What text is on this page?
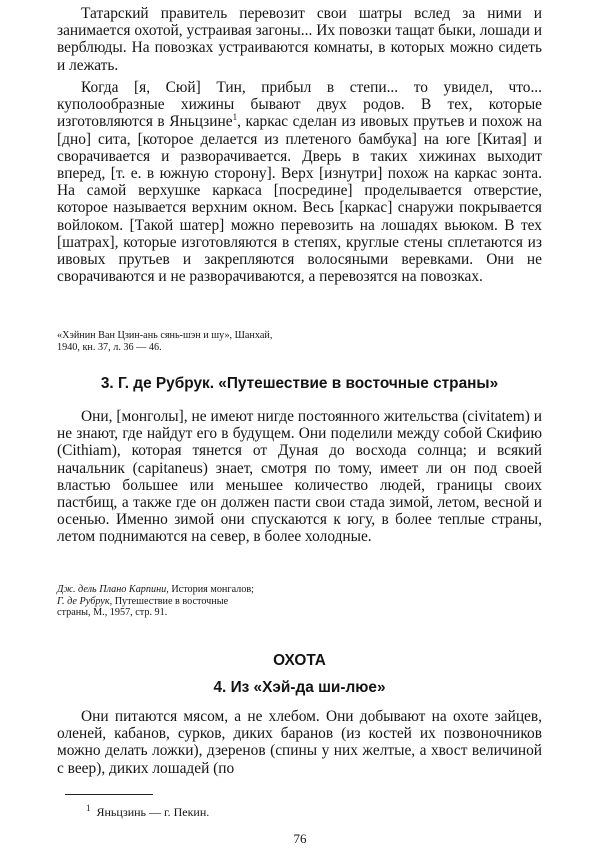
Татарский правитель перевозит свои шатры вслед за ними и занимается охотой, устраивая загоны... Их повозки тащат быки, лошади и верблюды. На повозках устраиваются комнаты, в которых можно сидеть и лежать.

Когда [я, Сюй] Тин, прибыл в степи... то увидел, что... куполообразные хижины бывают двух родов. В тех, которые изготовляются в Яньцзине$^1$, каркас сделан из ивовых прутьев и похож на [дно] сита, [которое делается из плетеного бамбука] на юге [Китая] и сворачивается и разворачивается. Дверь в таких хижинах выходит вперед, [т. е. в южную сторону]. Верх [изнутри] похож на каркас зонта. На самой верхушке каркаса [посредине] проделывается отверстие, которое называется верхним окном. Весь [каркас] снаружи покрывается войлоком. [Такой шатер] можно перевозить на лошадях вьюком. В тех [шатрах], которые изготовляются в степях, круглые стены сплетаются из ивовых прутьев и закрепляются волосяными веревками. Они не сворачиваются и не разворачиваются, а перевозятся на повозках.

«Хэйнин Ван Цзин-ань сянь-шэн и шу», Шанхай,

1940, кн. 37, л. 36 — 46.

3. Г. де Рубрук. «Путешествие в восточные страны»

Они, [монголы], не имеют нигде постоянного жительства (civitatem) и не знают, где найдут его в будущем. Они поделили между собой Скифию (Cithiam), которая тянется от Дуная до восхода солнца; и всякий начальник (capitaneus) знает, смотря по тому, имеет ли он под своей властью большее или меньшее количество людей, границы своих пастбищ, а также где он должен пасти свои стада зимой, летом, весной и осенью. Именно зимой они спускаются к югу, в более теплые страны, летом поднимаются на север, в более холодные.

Дж. дель Плано Карпини, История монгалов;

Г. де Рубрук, Путешествие в восточные

страны, М., 1957, стр. 91.

ОХОТА

4. Из «Хэй-да ши-люе»

Они питаются мясом, а не хлебом. Они добывают на охоте зайцев, оленей, кабанов, сурков, диких баранов (из костей их позвоночников можно делать ложки), дзеренов (спины у них желтые, а хвост величиной с веер), диких лошадей (по

$^1$ Яньцзинь — г. Пекин.
76
